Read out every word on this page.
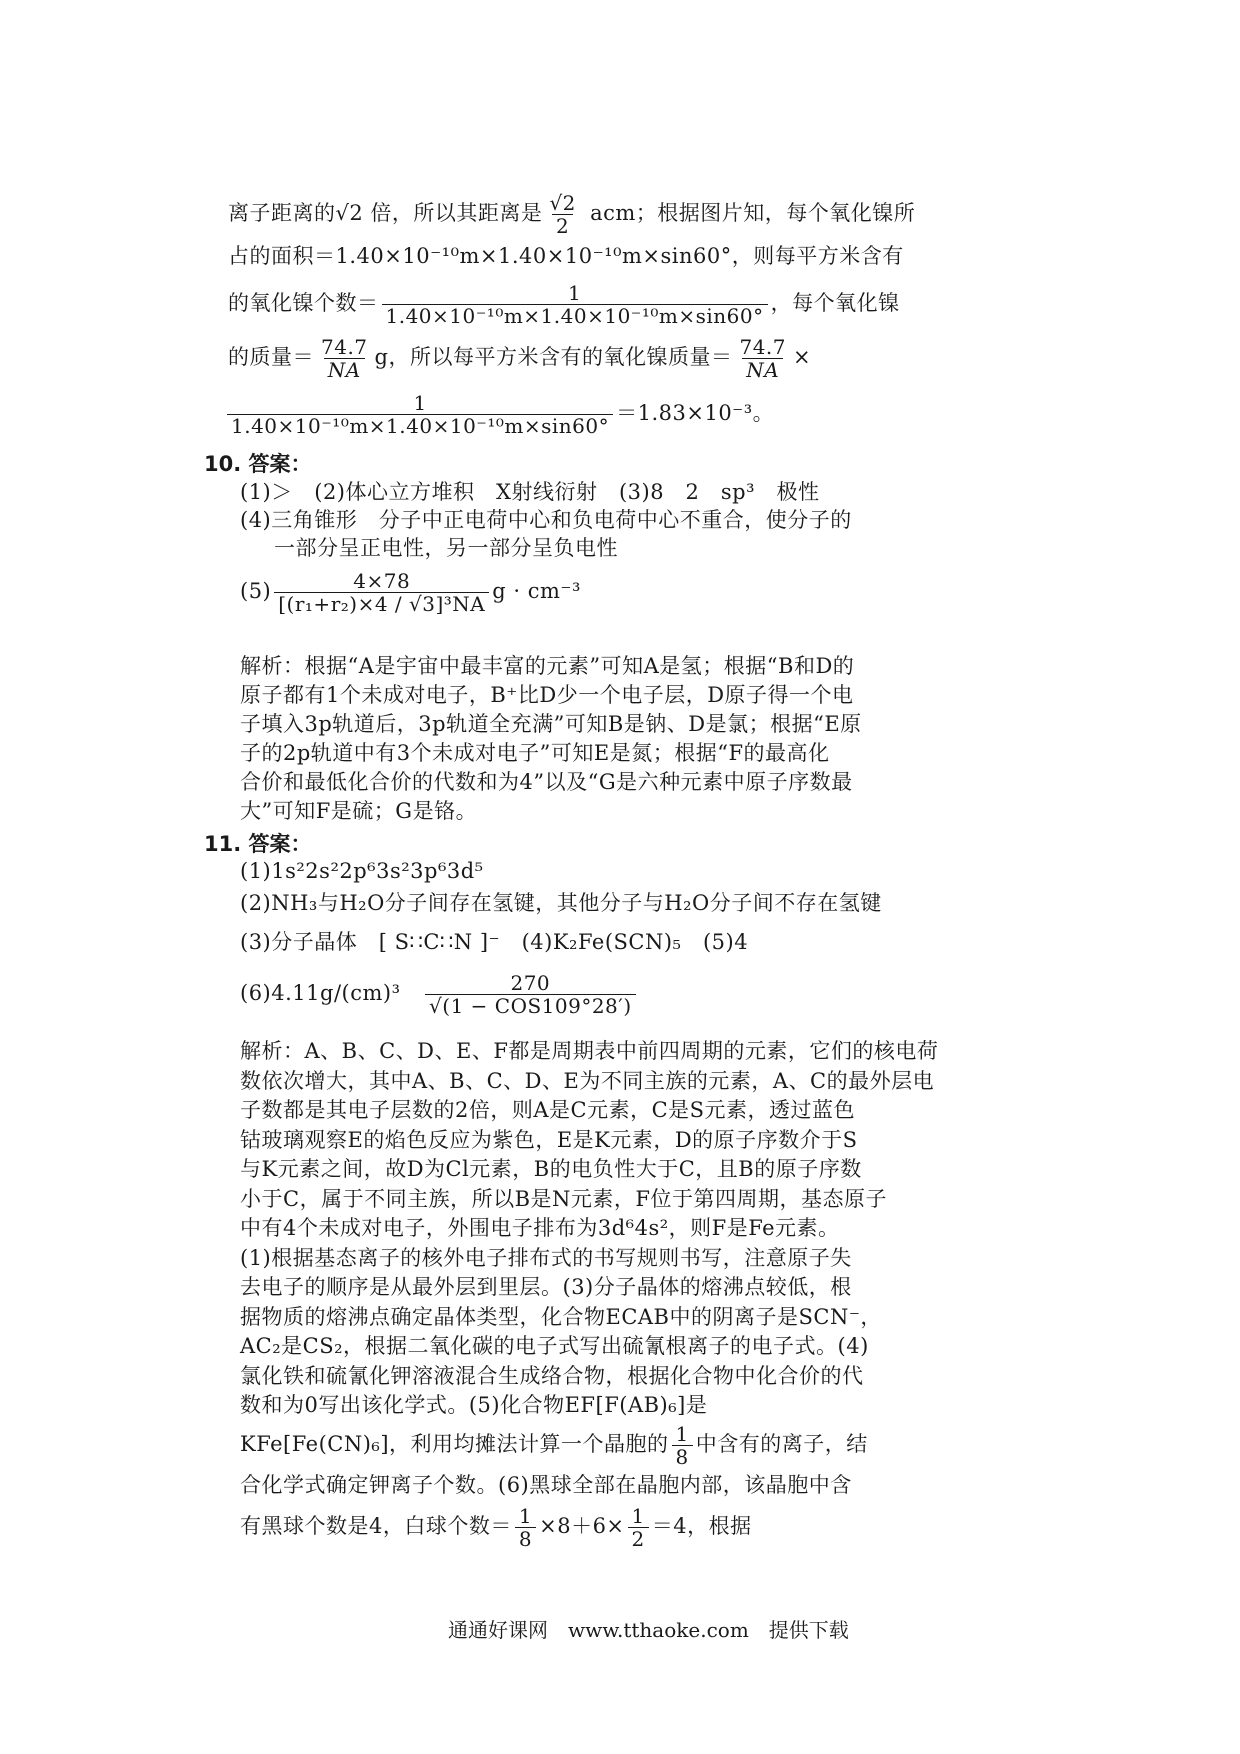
离子距离的√2 倍，所以其距离是 $\frac{√2}{2}$ acm；根据图片知，每个氧化镍所
占的面积＝1.40×10⁻¹⁰m×1.40×10⁻¹⁰m×sin60°，则每平方米含有
的氧化镍个数＝ $\frac{1}{\text{1.40×10⁻¹⁰m×1.40×10⁻¹⁰m×sin60°}}$ ，每个氧化镍
的质量＝ $\frac{74.7}{NA}$ g，所以每平方米含有的氧化镍质量＝ $\frac{74.7}{NA}$ ×
$\frac{1}{\text{1.40×10⁻¹⁰m×1.40×10⁻¹⁰m×sin60°}} =1.83\times 10^{-3}$。
10. 答案：
(1)＞　(2)体心立方堆积　X射线衍射　(3)8　2　sp³　极性
(4)三角锥形　分子中正电荷中心和负电荷中心不重合，使分子的
一部分呈正电性，另一部分呈负电性
$(5) \frac{4\times 78}{\text{[(r₁+r₂)×4 / √3]³NA}}$ g · cm⁻³
解析：根据“A是宇宙中最丰富的元素”可知A是氢；根据“B和D的
原子都有1个未成对电子，B⁺比D少一个电子层，D原子得一个电
子填入3p轨道后，3p轨道全充满”可知B是钠、D是氯；根据“E原
子的2p轨道中有3个未成对电子”可知E是氮；根据“F的最高化
合价和最低化合价的代数和为4”以及“G是六种元素中原子序数最
大”可知F是硫；G是铬。
11. 答案：
(1)1s²2s²2p⁶3s²3p⁶3d⁵
(2)NH₃与H₂O分子间存在氢键，其他分子与H₂O分子间不存在氢键
(3)分子晶体　[ S∷C∷N ]⁻　(4)K₂Fe(SCN)₅　(5)4
(6)4.11g/(cm)³　 $\frac{270}{\text{√(1 − COS109°28′)}}$
解析：A、B、C、D、E、F都是周期表中前四周期的元素，它们的核电荷
数依次增大，其中A、B、C、D、E为不同主族的元素，A、C的最外层电
子数都是其电子层数的2倍，则A是C元素，C是S元素，透过蓝色
钴玻璃观察E的焰色反应为紫色，E是K元素，D的原子序数介于S
与K元素之间，故D为Cl元素，B的电负性大于C，且B的原子序数
小于C，属于不同主族，所以B是N元素，F位于第四周期，基态原子
中有4个未成对电子，外围电子排布为3d⁶4s²，则F是Fe元素。
(1)根据基态离子的核外电子排布式的书写规则书写，注意原子失
去电子的顺序是从最外层到里层。(3)分子晶体的熔沸点较低，根
据物质的熔沸点确定晶体类型，化合物ECAB中的阴离子是SCN⁻，
AC₂是CS₂，根据二氧化碳的电子式写出硫氰根离子的电子式。(4)
氯化铁和硫氰化钾溶液混合生成络合物，根据化合物中化合价的代
数和为0写出该化学式。(5)化合物EF[F(AB)₆]是
KFe[Fe(CN)₆]，利用均摊法计算一个晶胞的 $\frac{1}{8}$ 中含有的离子，结
合化学式确定钾离子个数。(6)黑球全部在晶胞内部，该晶胞中含
有黑球个数是4，白球个数＝ $\frac{1}{8} \times 8+6\times \frac{1}{2} =4$，根据
通通好课网　www.tthaoke.com　提供下载
